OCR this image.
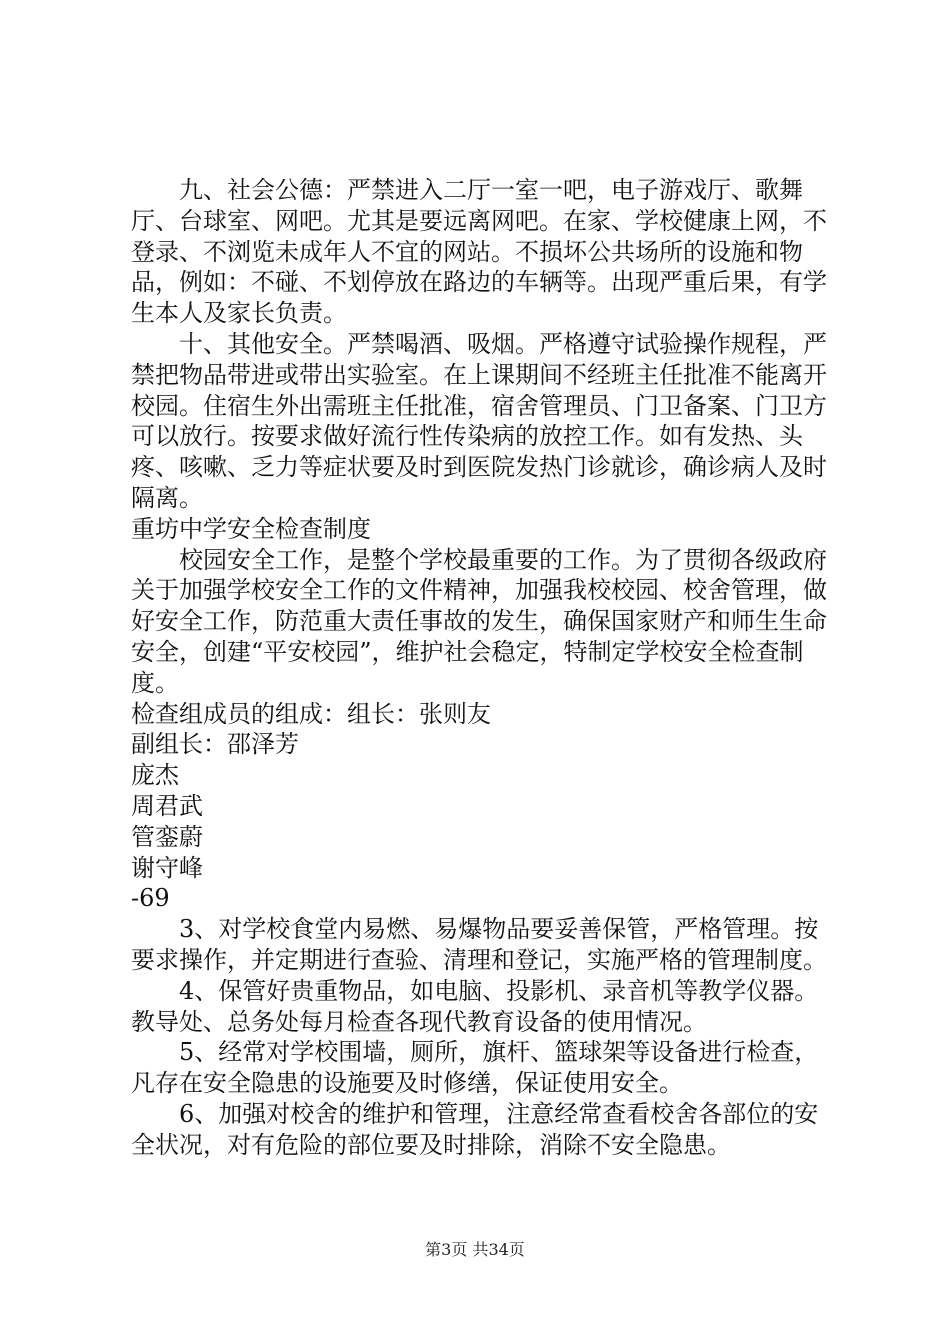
九、社会公德：严禁进入二厅一室一吧，电子游戏厅、歌舞厅、台球室、网吧。尤其是要远离网吧。在家、学校健康上网，不登录、不浏览未成年人不宜的网站。不损坏公共场所的设施和物品，例如：不碰、不划停放在路边的车辆等。出现严重后果，有学生本人及家长负责。

十、其他安全。严禁喝酒、吸烟。严格遵守试验操作规程，严禁把物品带进或带出实验室。在上课期间不经班主任批准不能离开校园。住宿生外出需班主任批准，宿舍管理员、门卫备案、门卫方可以放行。按要求做好流行性传染病的放控工作。如有发热、头疼、咳嗽、乏力等症状要及时到医院发热门诊就诊，确诊病人及时隔离。

重坊中学安全检查制度

校园安全工作，是整个学校最重要的工作。为了贯彻各级政府关于加强学校安全工作的文件精神，加强我校校园、校舍管理，做好安全工作，防范重大责任事故的发生，确保国家财产和师生生命安全，创建“平安校园”，维护社会稳定，特制定学校安全检查制度。

检查组成员的组成：组长：张则友

副组长：邵泽芳

庞杰

周君武

管銮蔚

谢守峰

-69

3、对学校食堂内易燃、易爆物品要妥善保管，严格管理。按要求操作，并定期进行查验、清理和登记，实施严格的管理制度。

4、保管好贵重物品，如电脑、投影机、录音机等教学仪器。教导处、总务处每月检查各现代教育设备的使用情况。

5、经常对学校围墙，厕所，旗杆、篮球架等设备进行检查，凡存在安全隐患的设施要及时修缮，保证使用安全。

6、加强对校舍的维护和管理，注意经常查看校舍各部位的安全状况，对有危险的部位要及时排除，消除不安全隐患。

第3页 共34页
